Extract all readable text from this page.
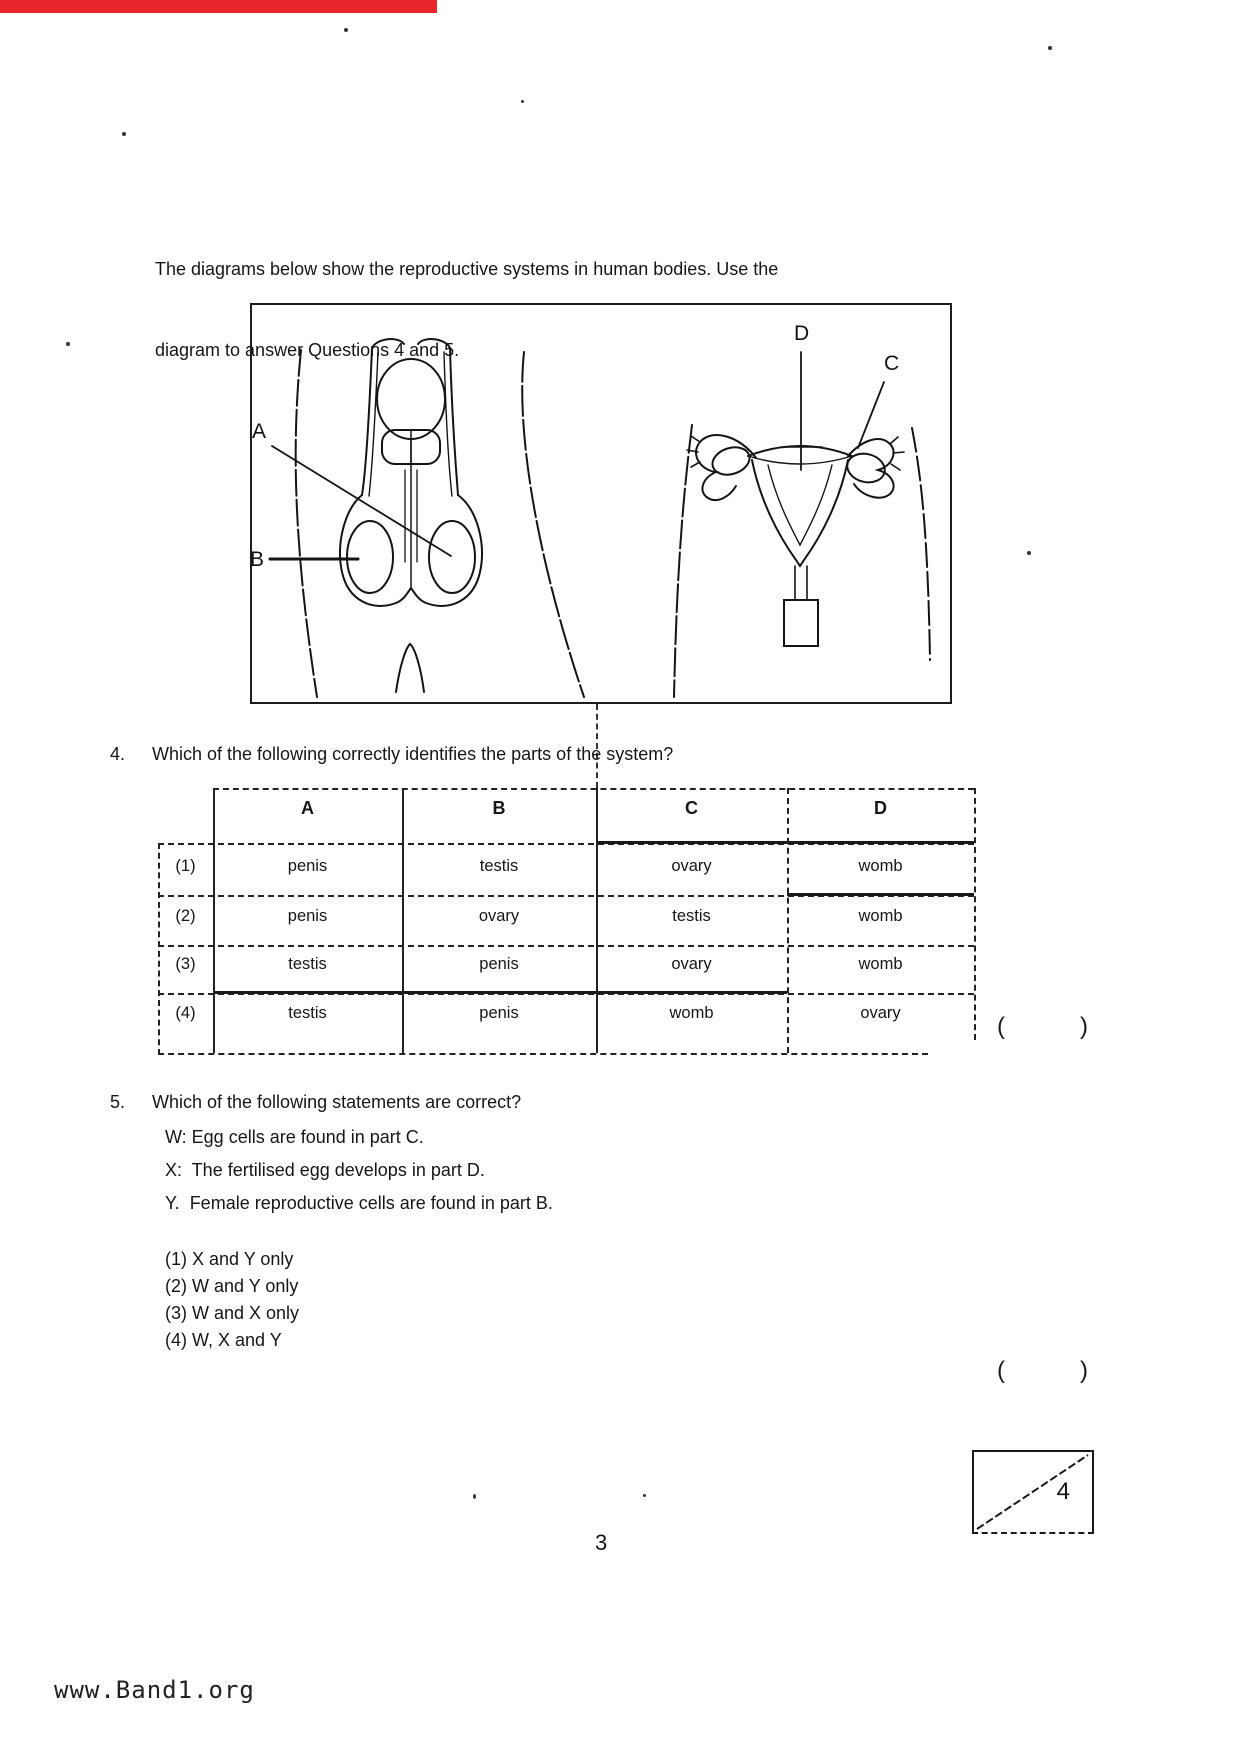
The diagrams below show the reproductive systems in human bodies. Use the

diagram to answer Questions 4 and 5.

A
B
D
C
4. Which of the following correctly identifies the parts of the system?
A	B	C	D
(1)	penis	testis	ovary	womb
(2)	penis	ovary	testis	womb
(3)	testis	penis	ovary	womb
(4)	testis	penis	womb	ovary	(	)
5. Which of the following statements are correct?
W: Egg cells are found in part C.
X:  The fertilised egg develops in part D.
Y.  Female reproductive cells are found in part B.
(1) X and Y only
(2) W and Y only
(3) W and X only
(4) W, X and Y
(	)
4
3
www.Band1.org
